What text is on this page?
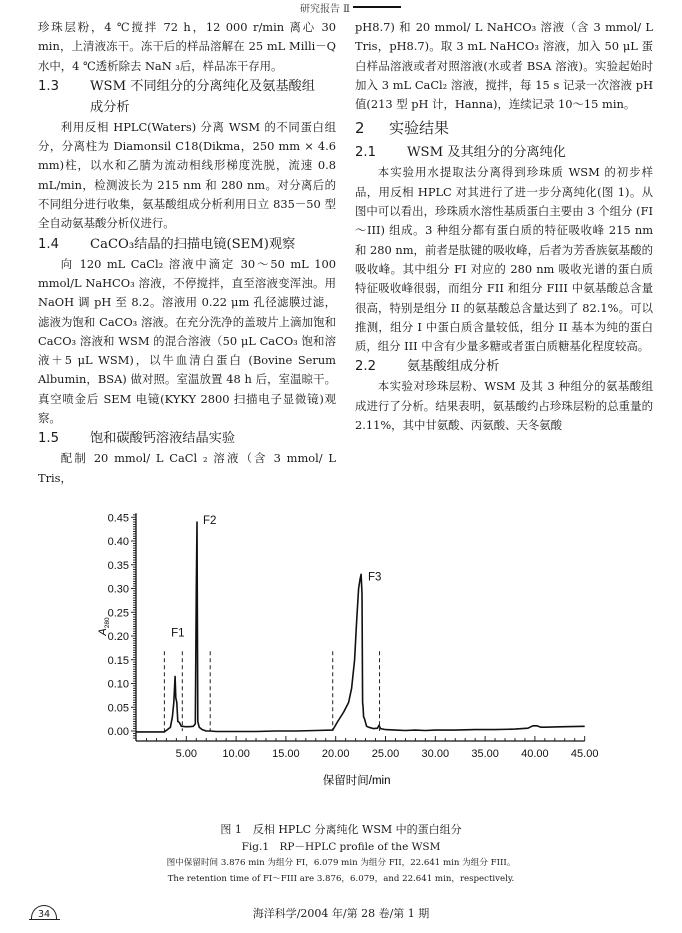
研究报告 Ⅱ

珍珠层粉，4 ℃搅拌 72 h，12 000 r/min 离心 30 min，上清液冻干。冻干后的样品溶解在 25 mL Milli－Q 水中，4 ℃透析除去 NaN ₃后，样品冻干存用。

1.3 WSM 不同组分的分离纯化及氨基酸组
成分析

利用反相 HPLC(Waters) 分离 WSM 的不同蛋白组分，分离柱为 Diamonsil C18(Dikma，250 mm × 4.6 mm)柱，以水和乙腈为流动相线形梯度洗脱，流速 0.8 mL/min，检测波长为 215 nm 和 280 nm。对分离后的不同组分进行收集，氨基酸组成分析利用日立 835－50 型全自动氨基酸分析仪进行。

1.4 CaCO₃结晶的扫描电镜(SEM)观察

向 120 mL CaCl₂ 溶液中滴定 30～50 mL 100 mmol/L NaHCO₃ 溶液，不停搅拌，直至溶液变浑浊。用 NaOH 调 pH 至 8.2。溶液用 0.22 μm 孔径滤膜过滤，滤液为饱和 CaCO₃ 溶液。在充分洗净的盖玻片上滴加饱和 CaCO₃ 溶液和 WSM 的混合溶液（50 μL CaCO₃ 饱和溶液＋5 μL WSM)，以牛血清白蛋白 (Bovine Serum Albumin，BSA) 做对照。室温放置 48 h 后，室温晾干。真空喷金后 SEM 电镜(KYKY 2800 扫描电子显微镜)观察。

1.5 饱和碳酸钙溶液结晶实验

配制 20 mmol/ L CaCl ₂ 溶液（含 3 mmol/ L Tris，

pH8.7) 和 20 mmol/ L NaHCO₃ 溶液（含 3 mmol/ L Tris，pH8.7)。取 3 mL NaHCO₃ 溶液，加入 50 μL 蛋白样品溶液或者对照溶液(水或者 BSA 溶液)。实验起始时加入 3 mL CaCl₂ 溶液，搅拌，每 15 s 记录一次溶液 pH 值(213 型 pH 计，Hanna)，连续记录 10～15 min。

2 实验结果
2.1 WSM 及其组分的分离纯化

本实验用水提取法分离得到珍珠质 WSM 的初步样品，用反相 HPLC 对其进行了进一步分离纯化(图 1)。从图中可以看出，珍珠质水溶性基质蛋白主要由 3 个组分 (FI～III) 组成。3 种组分都有蛋白质的特征吸收峰 215 nm 和 280 nm，前者是肽键的吸收峰，后者为芳香族氨基酸的吸收峰。其中组分 FI 对应的 280 nm 吸收光谱的蛋白质特征吸收峰很弱，而组分 FII 和组分 FIII 中氨基酸总含量很高，特别是组分 II 的氨基酸总含量达到了 82.1%。可以推测，组分 I 中蛋白质含量较低，组分 II 基本为纯的蛋白质，组分 III 中含有少量多糖或者蛋白质糖基化程度较高。

2.2 氨基酸组成分析

本实验对珍珠层粉、WSM 及其 3 种组分的氨基酸组成进行了分析。结果表明，氨基酸约占珍珠层粉的总重量的 2.11%，其中甘氨酸、丙氨酸、天冬氨酸

0.00
0.05
0.10
0.15
0.20
0.25
0.30
0.35
0.40
0.45
5.00 10.00 15.00 20.00 25.00 30.00 35.00 40.00 45.00
F1
F2
F3
$A_{280}$
保留时间/min
图 1　反相 HPLC 分离纯化 WSM 中的蛋白组分
Fig.1　RP－HPLC profile of the WSM
图中保留时间 3.876 min 为组分 FI，6.079 min 为组分 FII，22.641 min 为组分 FIII。
The retention time of FI～FIII are 3.876，6.079，and 22.641 min，respectively.
34	海洋科学/2004 年/第 28 卷/第 1 期
